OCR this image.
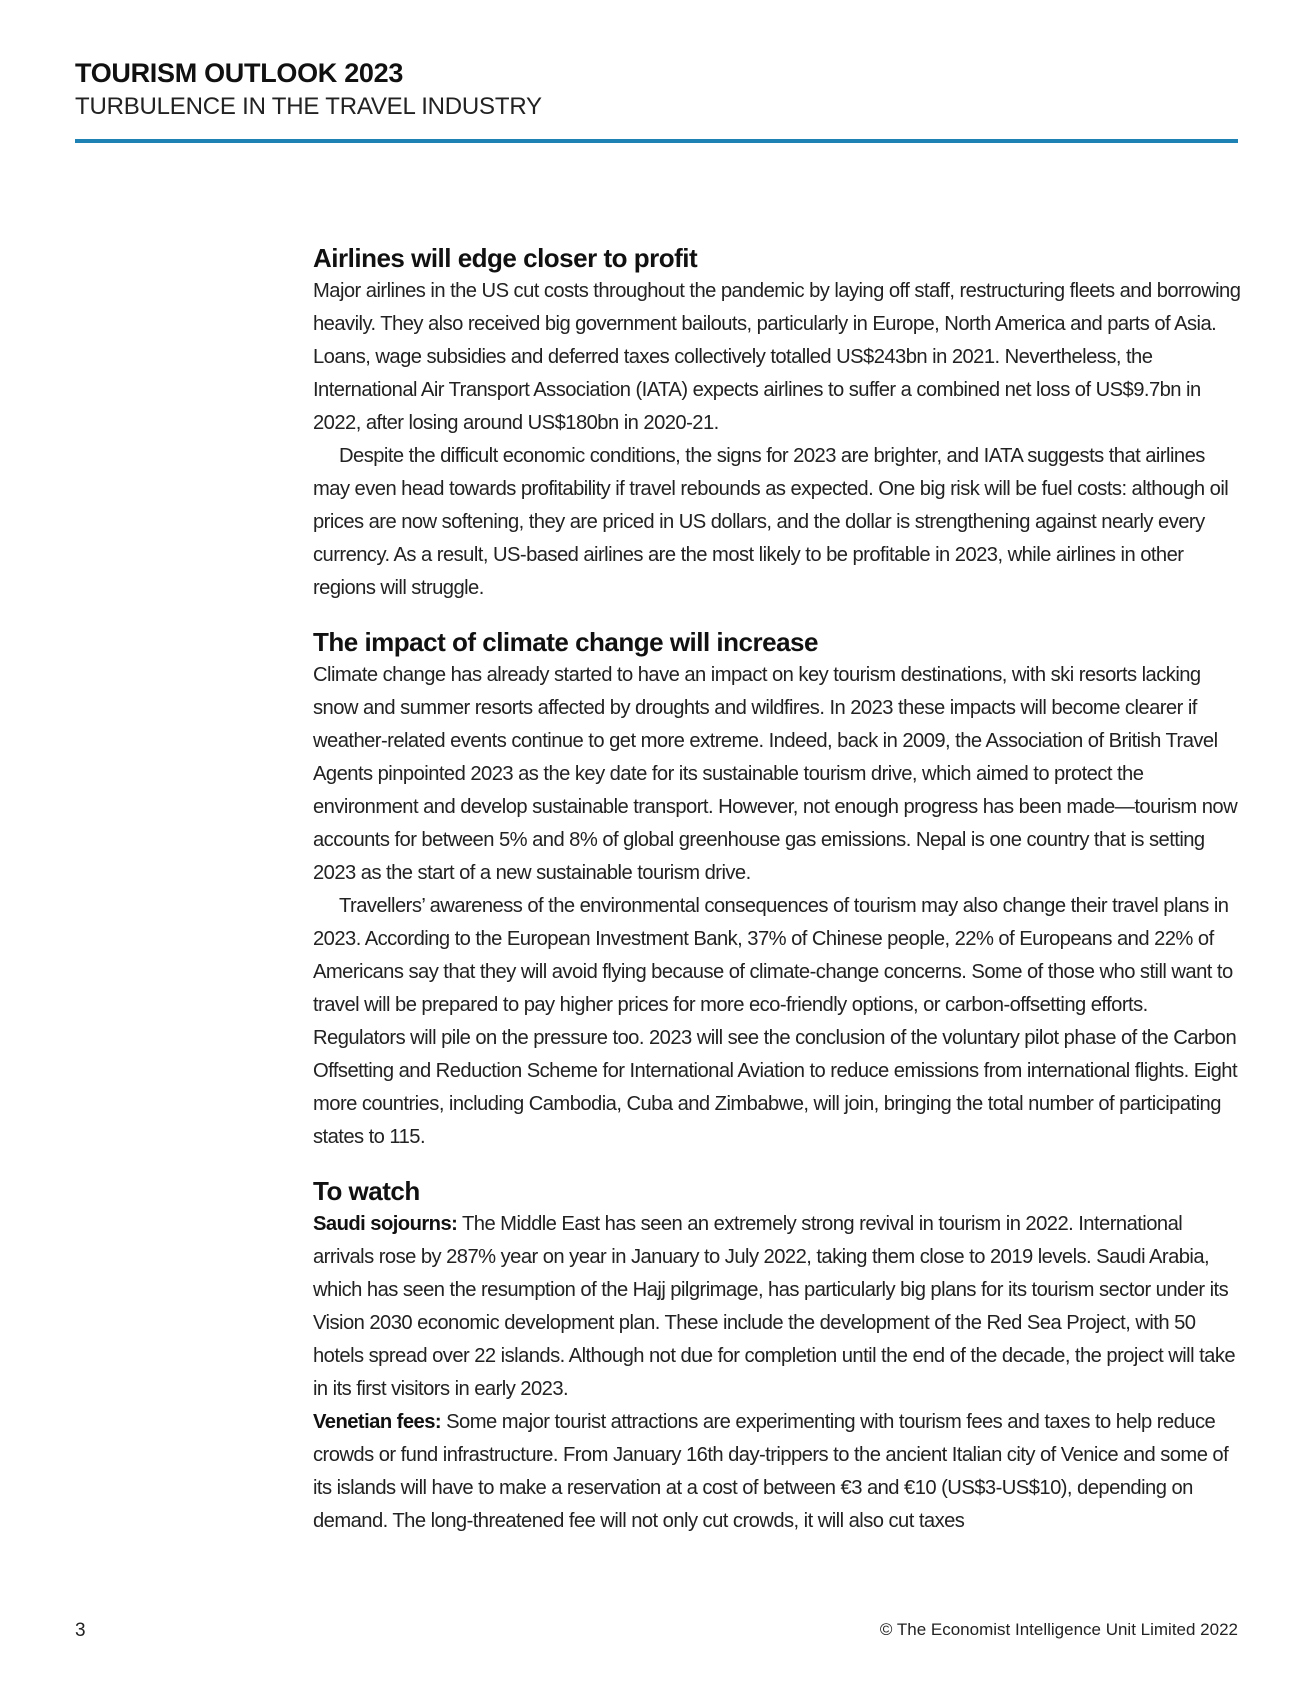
TOURISM OUTLOOK 2023
TURBULENCE IN THE TRAVEL INDUSTRY
Airlines will edge closer to profit

Major airlines in the US cut costs throughout the pandemic by laying off staff, restructuring fleets and borrowing heavily. They also received big government bailouts, particularly in Europe, North America and parts of Asia. Loans, wage subsidies and deferred taxes collectively totalled US$243bn in 2021. Nevertheless, the International Air Transport Association (IATA) expects airlines to suffer a combined net loss of US$9.7bn in 2022, after losing around US$180bn in 2020-21.

Despite the difficult economic conditions, the signs for 2023 are brighter, and IATA suggests that airlines may even head towards profitability if travel rebounds as expected. One big risk will be fuel costs: although oil prices are now softening, they are priced in US dollars, and the dollar is strengthening against nearly every currency. As a result, US-based airlines are the most likely to be profitable in 2023, while airlines in other regions will struggle.

The impact of climate change will increase

Climate change has already started to have an impact on key tourism destinations, with ski resorts lacking snow and summer resorts affected by droughts and wildfires. In 2023 these impacts will become clearer if weather-related events continue to get more extreme. Indeed, back in 2009, the Association of British Travel Agents pinpointed 2023 as the key date for its sustainable tourism drive, which aimed to protect the environment and develop sustainable transport. However, not enough progress has been made—tourism now accounts for between 5% and 8% of global greenhouse gas emissions. Nepal is one country that is setting 2023 as the start of a new sustainable tourism drive.

Travellers’ awareness of the environmental consequences of tourism may also change their travel plans in 2023. According to the European Investment Bank, 37% of Chinese people, 22% of Europeans and 22% of Americans say that they will avoid flying because of climate-change concerns. Some of those who still want to travel will be prepared to pay higher prices for more eco-friendly options, or carbon-offsetting efforts. Regulators will pile on the pressure too. 2023 will see the conclusion of the voluntary pilot phase of the Carbon Offsetting and Reduction Scheme for International Aviation to reduce emissions from international flights. Eight more countries, including Cambodia, Cuba and Zimbabwe, will join, bringing the total number of participating states to 115.

To watch

Saudi sojourns: The Middle East has seen an extremely strong revival in tourism in 2022. International arrivals rose by 287% year on year in January to July 2022, taking them close to 2019 levels. Saudi Arabia, which has seen the resumption of the Hajj pilgrimage, has particularly big plans for its tourism sector under its Vision 2030 economic development plan. These include the development of the Red Sea Project, with 50 hotels spread over 22 islands. Although not due for completion until the end of the decade, the project will take in its first visitors in early 2023.

Venetian fees: Some major tourist attractions are experimenting with tourism fees and taxes to help reduce crowds or fund infrastructure. From January 16th day-trippers to the ancient Italian city of Venice and some of its islands will have to make a reservation at a cost of between €3 and €10 (US$3-US$10), depending on demand. The long-threatened fee will not only cut crowds, it will also cut taxes

3	© The Economist Intelligence Unit Limited 2022
